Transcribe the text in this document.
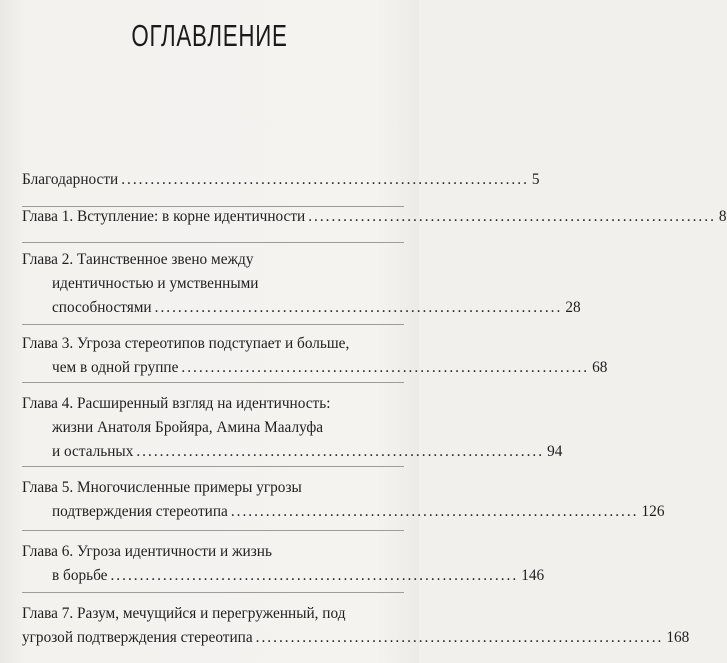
ОГЛАВЛЕНИЕ
Благодарности ...................................................................... 5
Глава 1. Вступление: в корне идентичности ...................................................................... 8
Глава 2. Таинственное звено между
идентичностью и умственными
способностями ...................................................................... 28
Глава 3. Угроза стереотипов подступает и больше,
чем в одной группе ...................................................................... 68
Глава 4. Расширенный взгляд на идентичность:
жизни Анатоля Бройяра, Амина Маалуфа
и остальных ...................................................................... 94
Глава 5. Многочисленные примеры угрозы
подтверждения стереотипа ...................................................................... 126
Глава 6. Угроза идентичности и жизнь
в борьбе ...................................................................... 146
Глава 7. Разум, мечущийся и перегруженный, под
угрозой подтверждения стереотипа ...................................................................... 168
